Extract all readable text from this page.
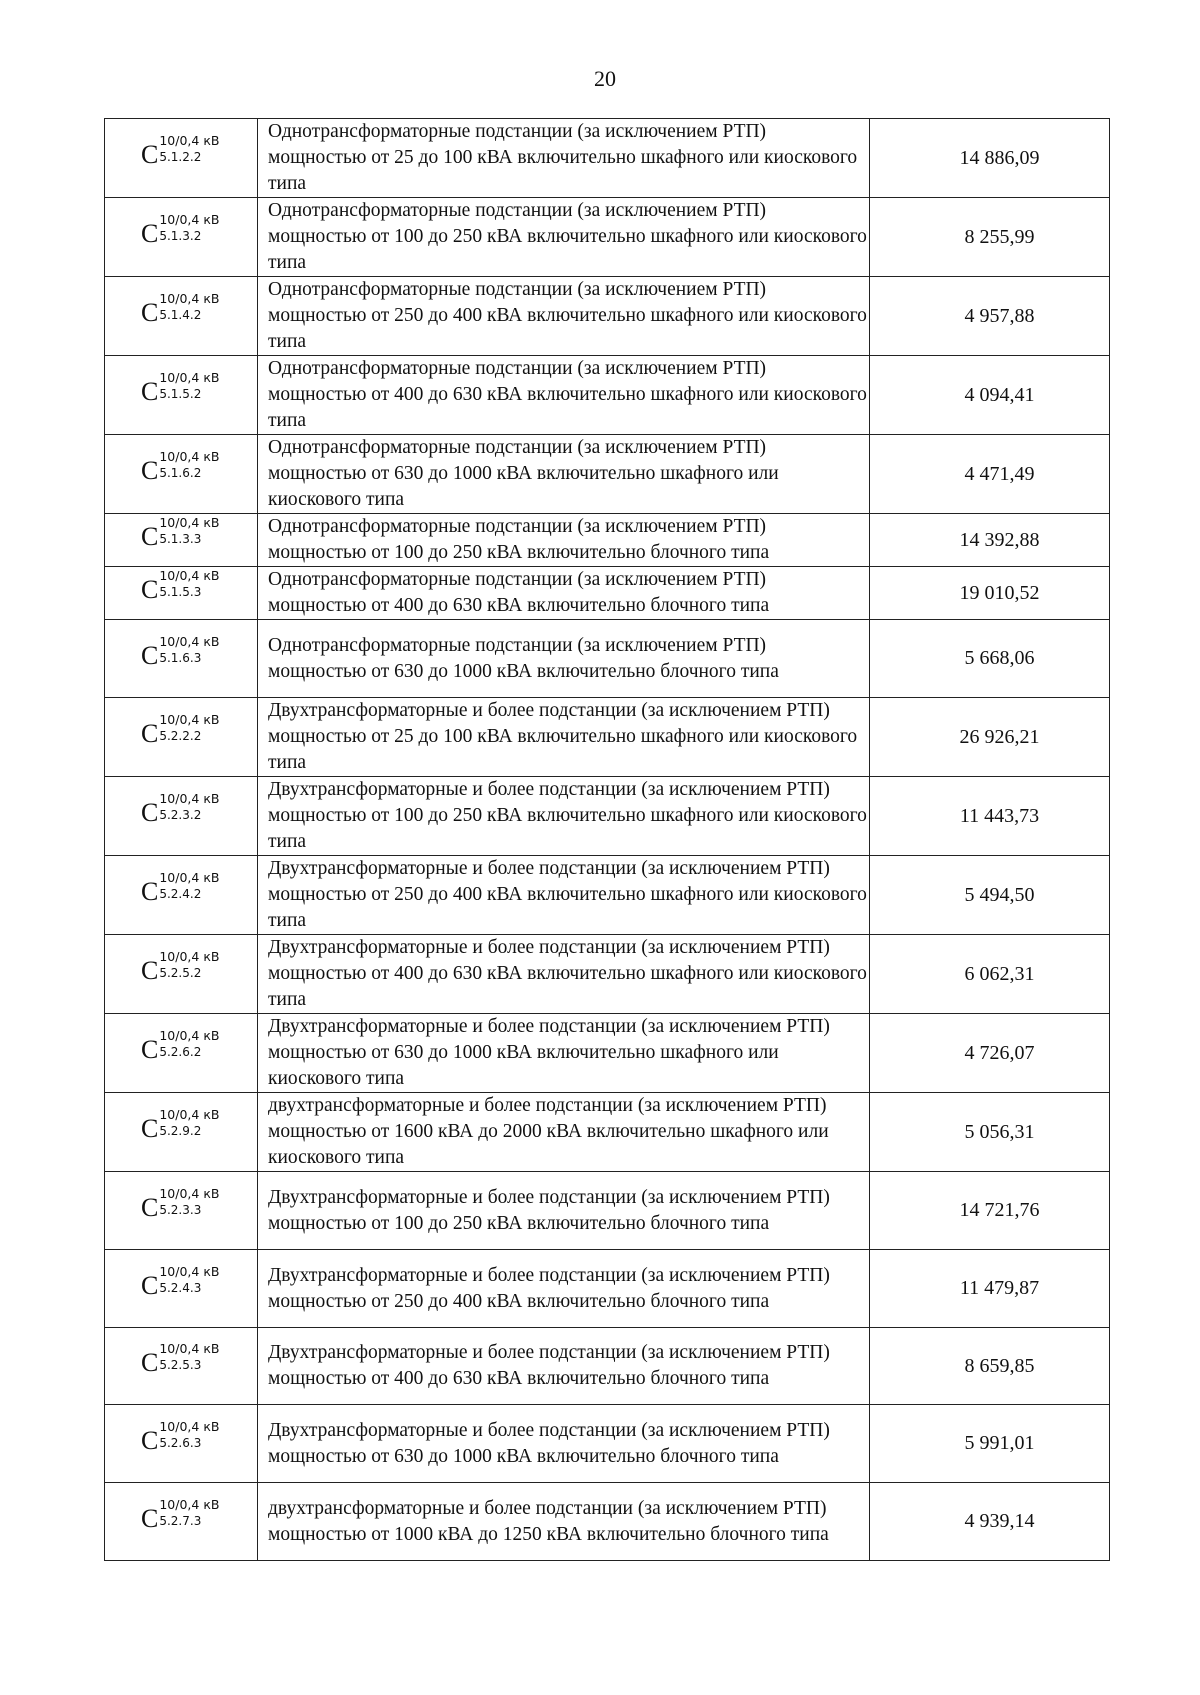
20
C 10/0,4 кВ
5.1.2.2	Однотрансформаторные подстанции (за исключением РТП) мощностью от 25 до 100 кВА включительно шкафного или киоскового типа	14 886,09

C 10/0,4 кВ
5.1.3.2	Однотрансформаторные подстанции (за исключением РТП) мощностью от 100 до 250 кВА включительно шкафного или киоскового типа	8 255,99

C 10/0,4 кВ
5.1.4.2	Однотрансформаторные подстанции (за исключением РТП) мощностью от 250 до 400 кВА включительно шкафного или киоскового типа	4 957,88

C 10/0,4 кВ
5.1.5.2	Однотрансформаторные подстанции (за исключением РТП) мощностью от 400 до 630 кВА включительно шкафного или киоскового типа	4 094,41

C 10/0,4 кВ
5.1.6.2	Однотрансформаторные подстанции (за исключением РТП) мощностью от 630 до 1000 кВА включительно шкафного или киоскового типа	4 471,49

C 10/0,4 кВ
5.1.3.3	Однотрансформаторные подстанции (за исключением РТП) мощностью от 100 до 250 кВА включительно блочного типа	14 392,88

C 10/0,4 кВ
5.1.5.3	Однотрансформаторные подстанции (за исключением РТП) мощностью от 400 до 630 кВА включительно блочного типа	19 010,52

C 10/0,4 кВ
5.1.6.3	Однотрансформаторные подстанции (за исключением РТП) мощностью от 630 до 1000 кВА включительно блочного типа	5 668,06

C 10/0,4 кВ
5.2.2.2	Двухтрансформаторные и более подстанции (за исключением РТП) мощностью от 25 до 100 кВА включительно шкафного или киоскового типа	26 926,21

C 10/0,4 кВ
5.2.3.2	Двухтрансформаторные и более подстанции (за исключением РТП) мощностью от 100 до 250 кВА включительно шкафного или киоскового типа	11 443,73

C 10/0,4 кВ
5.2.4.2	Двухтрансформаторные и более подстанции (за исключением РТП) мощностью от 250 до 400 кВА включительно шкафного или киоскового типа	5 494,50

C 10/0,4 кВ
5.2.5.2	Двухтрансформаторные и более подстанции (за исключением РТП) мощностью от 400 до 630 кВА включительно шкафного или киоскового типа	6 062,31

C 10/0,4 кВ
5.2.6.2	Двухтрансформаторные и более подстанции (за исключением РТП) мощностью от 630 до 1000 кВА включительно шкафного или киоскового типа	4 726,07

C 10/0,4 кВ
5.2.9.2	двухтрансформаторные и более подстанции (за исключением РТП) мощностью от 1600 кВА до 2000 кВА включительно шкафного или киоскового типа	5 056,31

C 10/0,4 кВ
5.2.3.3	Двухтрансформаторные и более подстанции (за исключением РТП) мощностью от 100 до 250 кВА включительно блочного типа	14 721,76

C 10/0,4 кВ
5.2.4.3	Двухтрансформаторные и более подстанции (за исключением РТП) мощностью от 250 до 400 кВА включительно блочного типа	11 479,87

C 10/0,4 кВ
5.2.5.3	Двухтрансформаторные и более подстанции (за исключением РТП) мощностью от 400 до 630 кВА включительно блочного типа	8 659,85

C 10/0,4 кВ
5.2.6.3	Двухтрансформаторные и более подстанции (за исключением РТП) мощностью от 630 до 1000 кВА включительно блочного типа	5 991,01

C 10/0,4 кВ
5.2.7.3	двухтрансформаторные и более подстанции (за исключением РТП) мощностью от 1000 кВА до 1250 кВА включительно блочного типа	4 939,14
